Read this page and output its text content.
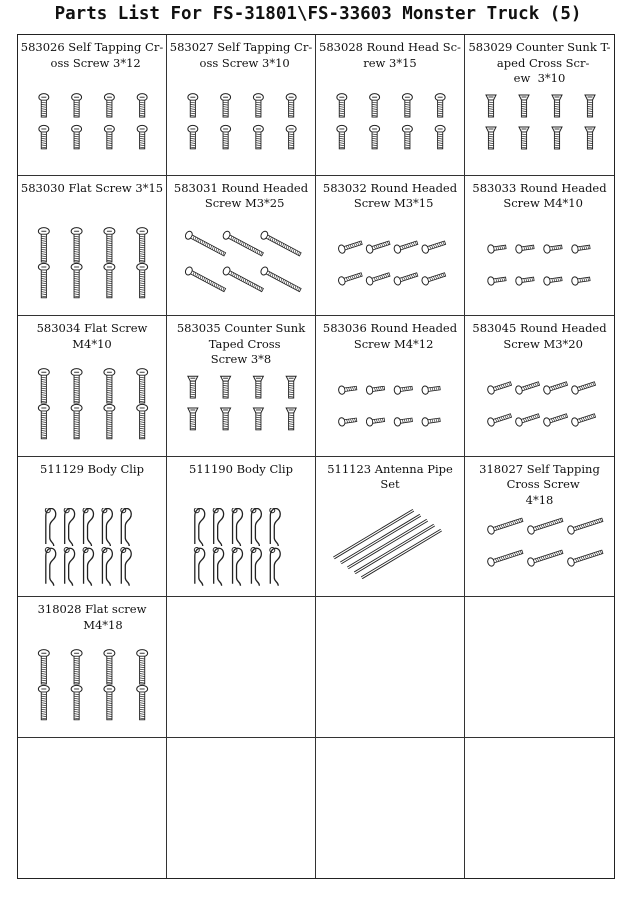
Parts List For FS-31801\FS-33603 Monster Truck (5)
583026 Self Tapping Cr-
oss Screw 3*12
583027 Self Tapping Cr-
oss Screw 3*10
583028 Round Head Sc-
rew 3*15
583029 Counter Sunk T-
aped Cross Scr-
ew  3*10
583030 Flat Screw 3*15 583031 Round Headed
Screw M3*25
583032 Round Headed
Screw M3*15
583033 Round Headed
Screw M4*10
583034 Flat Screw
M4*10
583035 Counter Sunk
Taped Cross
Screw 3*8
583036 Round Headed
Screw M4*12
583045 Round Headed
Screw M3*20
511129 Body Clip	511190 Body Clip	511123 Antenna Pipe
Set
318027 Self Tapping
Cross Screw
4*18
318028 Flat screw
M4*18
